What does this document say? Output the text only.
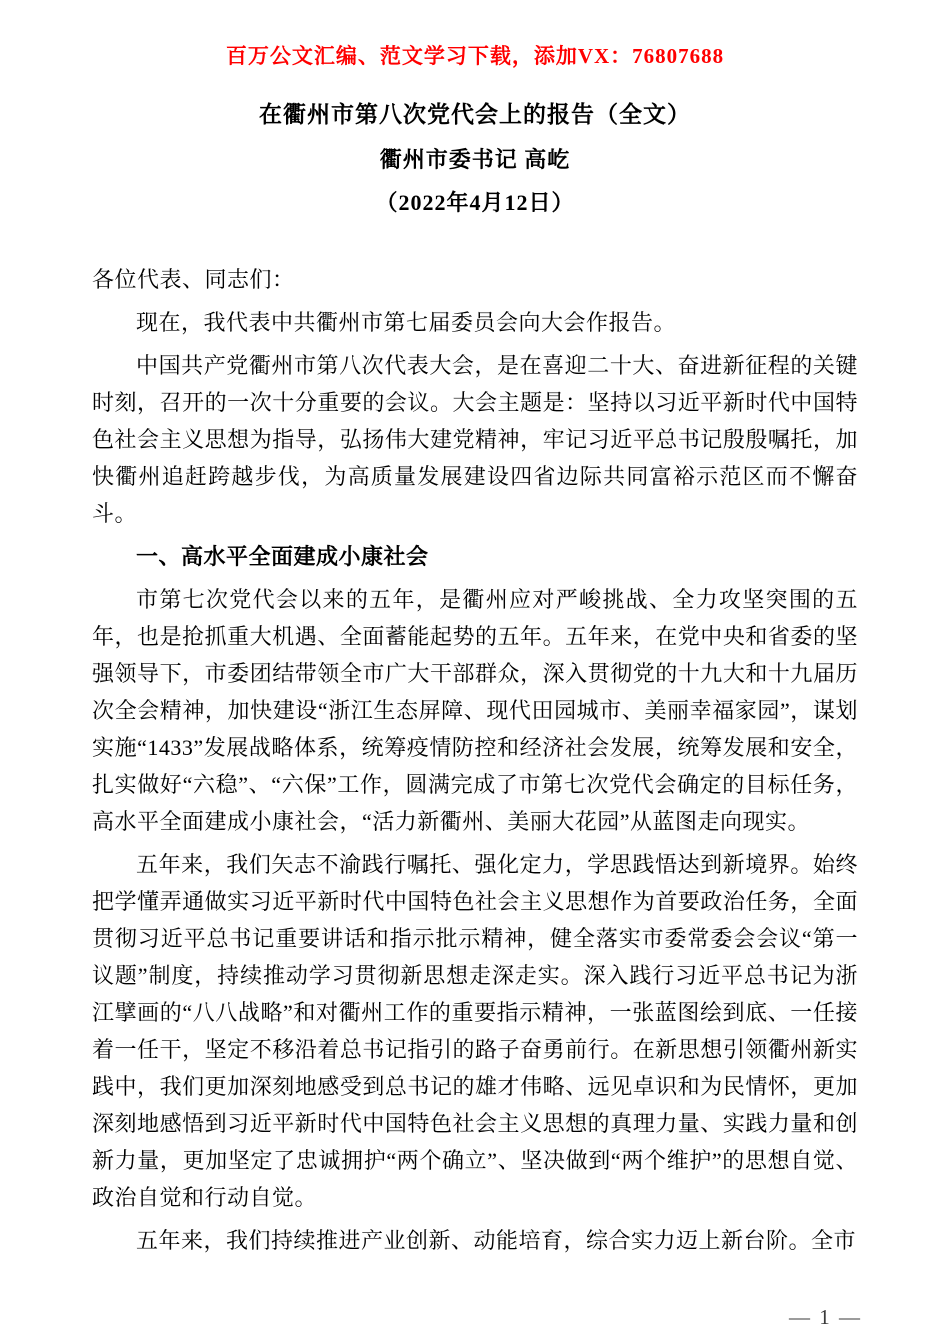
百万公文汇编、范文学习下载，添加VX：76807688
在衢州市第八次党代会上的报告（全文）
衢州市委书记 高屹
（2022年4月12日）

各位代表、同志们：

现在，我代表中共衢州市第七届委员会向大会作报告。

中国共产党衢州市第八次代表大会，是在喜迎二十大、奋进新征程的关键时刻，召开的一次十分重要的会议。大会主题是：坚持以习近平新时代中国特色社会主义思想为指导，弘扬伟大建党精神，牢记习近平总书记殷殷嘱托，加快衢州追赶跨越步伐，为高质量发展建设四省边际共同富裕示范区而不懈奋斗。

一、高水平全面建成小康社会

市第七次党代会以来的五年，是衢州应对严峻挑战、全力攻坚突围的五年，也是抢抓重大机遇、全面蓄能起势的五年。五年来，在党中央和省委的坚强领导下，市委团结带领全市广大干部群众，深入贯彻党的十九大和十九届历次全会精神，加快建设“浙江生态屏障、现代田园城市、美丽幸福家园”，谋划实施“1433”发展战略体系，统筹疫情防控和经济社会发展，统筹发展和安全，扎实做好“六稳”、“六保”工作，圆满完成了市第七次党代会确定的目标任务，高水平全面建成小康社会，“活力新衢州、美丽大花园”从蓝图走向现实。

五年来，我们矢志不渝践行嘱托、强化定力，学思践悟达到新境界。始终把学懂弄通做实习近平新时代中国特色社会主义思想作为首要政治任务，全面贯彻习近平总书记重要讲话和指示批示精神，健全落实市委常委会会议“第一议题”制度，持续推动学习贯彻新思想走深走实。深入践行习近平总书记为浙江擘画的“八八战略”和对衢州工作的重要指示精神，一张蓝图绘到底、一任接着一任干，坚定不移沿着总书记指引的路子奋勇前行。在新思想引领衢州新实践中，我们更加深刻地感受到总书记的雄才伟略、远见卓识和为民情怀，更加深刻地感悟到习近平新时代中国特色社会主义思想的真理力量、实践力量和创新力量，更加坚定了忠诚拥护“两个确立”、坚决做到“两个维护”的思想自觉、政治自觉和行动自觉。

五年来，我们持续推进产业创新、动能培育，综合实力迈上新台阶。全市

— 1 —
